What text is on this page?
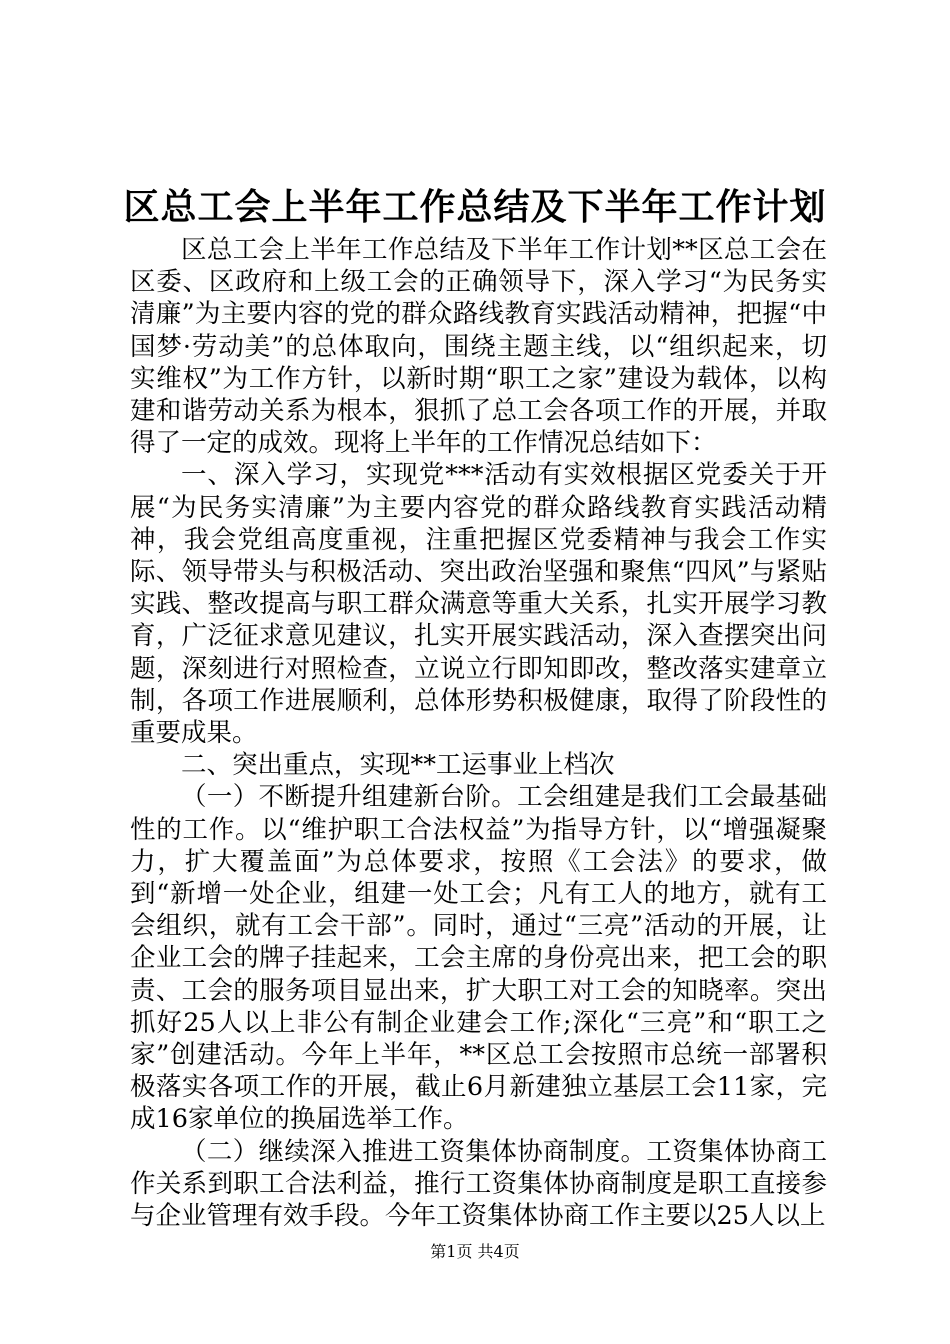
区总工会上半年工作总结及下半年工作计划

区总工会上半年工作总结及下半年工作计划**区总工会在区委、区政府和上级工会的正确领导下，深入学习“为民务实清廉”为主要内容的党的群众路线教育实践活动精神，把握“中国梦·劳动美”的总体取向，围绕主题主线，以“组织起来，切实维权”为工作方针，以新时期“职工之家”建设为载体，以构建和谐劳动关系为根本，狠抓了总工会各项工作的开展，并取得了一定的成效。现将上半年的工作情况总结如下：

一、深入学习，实现党***活动有实效根据区党委关于开展“为民务实清廉”为主要内容党的群众路线教育实践活动精神，我会党组高度重视，注重把握区党委精神与我会工作实际、领导带头与积极活动、突出政治坚强和聚焦“四风”与紧贴实践、整改提高与职工群众满意等重大关系，扎实开展学习教育，广泛征求意见建议，扎实开展实践活动，深入查摆突出问题，深刻进行对照检查，立说立行即知即改，整改落实建章立制，各项工作进展顺利，总体形势积极健康，取得了阶段性的重要成果。

二、突出重点，实现**工运事业上档次

（一）不断提升组建新台阶。工会组建是我们工会最基础性的工作。以“维护职工合法权益”为指导方针，以“增强凝聚力，扩大覆盖面”为总体要求，按照《工会法》的要求，做到“新增一处企业，组建一处工会；凡有工人的地方，就有工会组织，就有工会干部”。同时，通过“三亮”活动的开展，让企业工会的牌子挂起来，工会主席的身份亮出来，把工会的职责、工会的服务项目显出来，扩大职工对工会的知晓率。突出抓好25人以上非公有制企业建会工作;深化“三亮”和“职工之家”创建活动。今年上半年，**区总工会按照市总统一部署积极落实各项工作的开展，截止6月新建独立基层工会11家，完成16家单位的换届选举工作。

（二）继续深入推进工资集体协商制度。工资集体协商工作关系到职工合法利益，推行工资集体协商制度是职工直接参与企业管理有效手段。今年工资集体协商工作主要以25人以上

第1页 共4页
